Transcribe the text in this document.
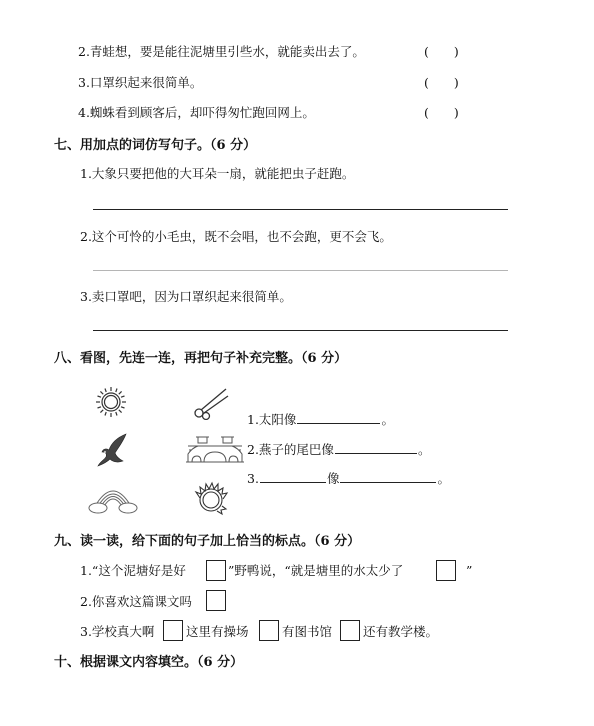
2.青蛙想，要是能往泥塘里引些水，就能卖出去了。	(　　)
3.口罩织起来很简单。	(　　)
4.蜘蛛看到顾客后，却吓得匆忙跑回网上。	(　　)
七、用加点的词仿写句子。（6 分）
1.大象只要把他的大耳朵一扇，就能把虫子赶跑。
2.这个可怜的小毛虫，既不会唱，也不会跑，更不会飞。
3.卖口罩吧，因为口罩织起来很简单。
八、看图，先连一连，再把句子补充完整。（6 分）
1.太阳像	。
2.燕子的尾巴像	。
3.	像	。
九、读一读，给下面的句子加上恰当的标点。（6 分）
1.“这个泥塘好是好	”野鸭说，“就是塘里的水太少了	”
2.你喜欢这篇课文吗
3.学校真大啊	这里有操场	有图书馆 还有教学楼。
十、根据课文内容填空。（6 分）
